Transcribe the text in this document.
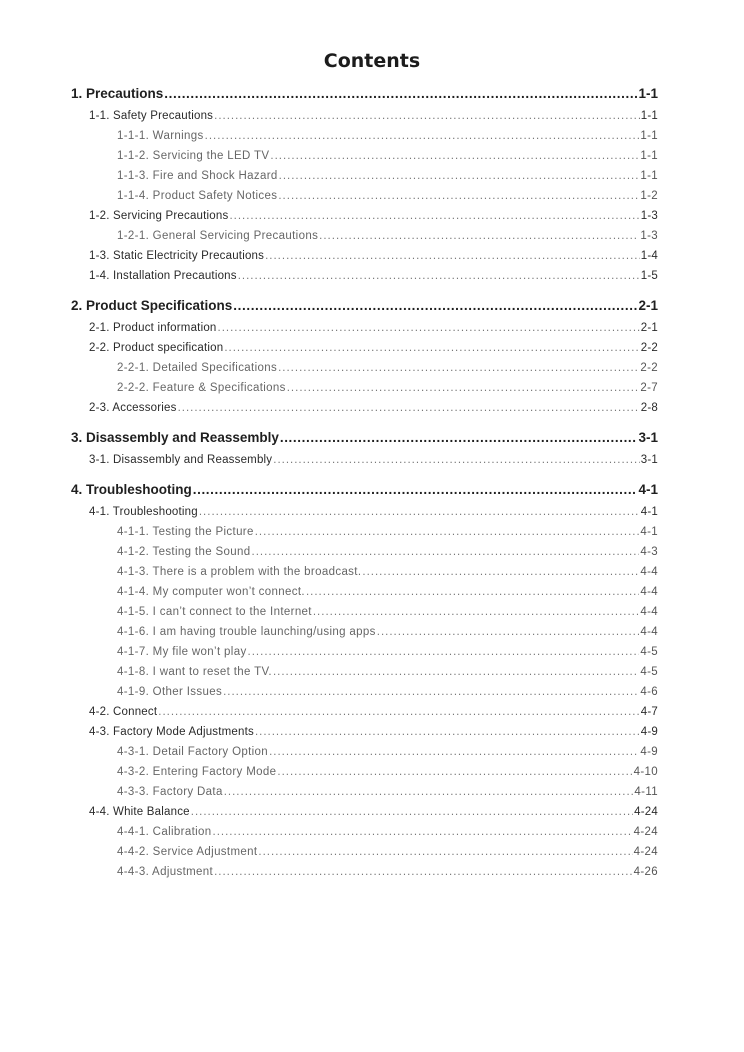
Contents
1. Precautions .....	1-1
1-1. Safety Precautions .....	1-1
1-1-1. Warnings .....	1-1
1-1-2. Servicing the LED TV .....	1-1
1-1-3. Fire and Shock Hazard .....	1-1
1-1-4. Product Safety Notices .....	1-2
1-2. Servicing Precautions .....	1-3
1-2-1. General Servicing Precautions .....	1-3
1-3. Static Electricity Precautions .....	1-4
1-4. Installation Precautions .....	1-5
2. Product Specifications .....	2-1
2-1. Product information .....	2-1
2-2. Product specification .....	2-2
2-2-1. Detailed Specifications .....	2-2
2-2-2. Feature & Specifications .....	2-7
2-3. Accessories .....	2-8
3. Disassembly and Reassembly .....	3-1
3-1. Disassembly and Reassembly .....	3-1
4. Troubleshooting .....	4-1
4-1. Troubleshooting .....	4-1
4-1-1. Testing the Picture .....	4-1
4-1-2. Testing the Sound .....	4-3
4-1-3. There is a problem with the broadcast. .....	4-4
4-1-4. My computer won’t connect. .....	4-4
4-1-5. I can’t connect to the Internet .....	4-4
4-1-6. I am having trouble launching/using apps .....	4-4
4-1-7. My file won’t play .....	4-5
4-1-8. I want to reset the TV. .....	4-5
4-1-9. Other Issues .....	4-6
4-2. Connect .....	4-7
4-3. Factory Mode Adjustments .....	4-9
4-3-1. Detail Factory Option .....	4-9
4-3-2. Entering Factory Mode .....	4-10
4-3-3. Factory Data .....	4-11
4-4. White Balance .....	4-24
4-4-1. Calibration .....	4-24
4-4-2. Service Adjustment .....	4-24
4-4-3. Adjustment .....	4-26
